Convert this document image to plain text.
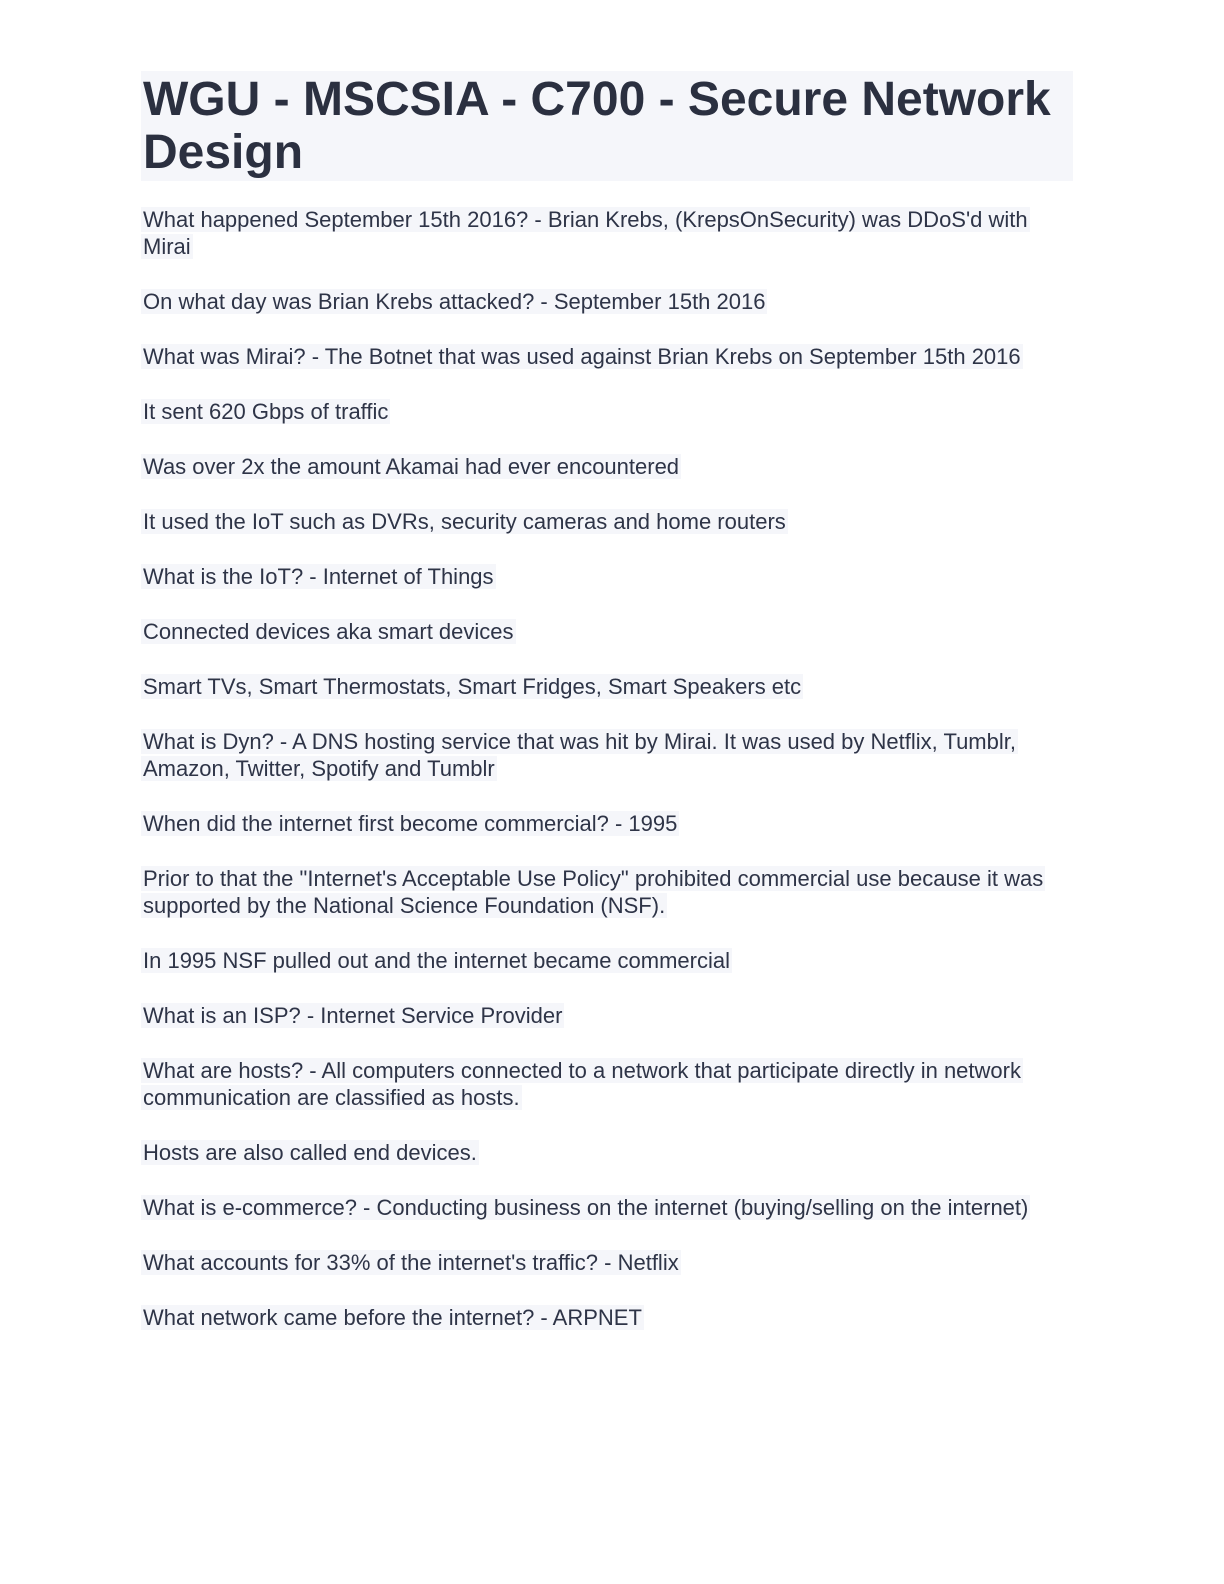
WGU - MSCSIA - C700 - Secure Network Design

What happened September 15th 2016? - Brian Krebs, (KrepsOnSecurity) was DDoS'd with Mirai

On what day was Brian Krebs attacked? - September 15th 2016

What was Mirai? - The Botnet that was used against Brian Krebs on September 15th 2016

It sent 620 Gbps of traffic

Was over 2x the amount Akamai had ever encountered

It used the IoT such as DVRs, security cameras and home routers

What is the IoT? - Internet of Things

Connected devices aka smart devices

Smart TVs, Smart Thermostats, Smart Fridges, Smart Speakers etc

What is Dyn? - A DNS hosting service that was hit by Mirai. It was used by Netflix, Tumblr, Amazon, Twitter, Spotify and Tumblr

When did the internet first become commercial? - 1995

Prior to that the "Internet's Acceptable Use Policy" prohibited commercial use because it was supported by the National Science Foundation (NSF).

In 1995 NSF pulled out and the internet became commercial

What is an ISP? - Internet Service Provider

What are hosts? - All computers connected to a network that participate directly in network communication are classified as hosts.

Hosts are also called end devices.

What is e-commerce? - Conducting business on the internet (buying/selling on the internet)

What accounts for 33% of the internet's traffic? - Netflix

What network came before the internet? - ARPNET
